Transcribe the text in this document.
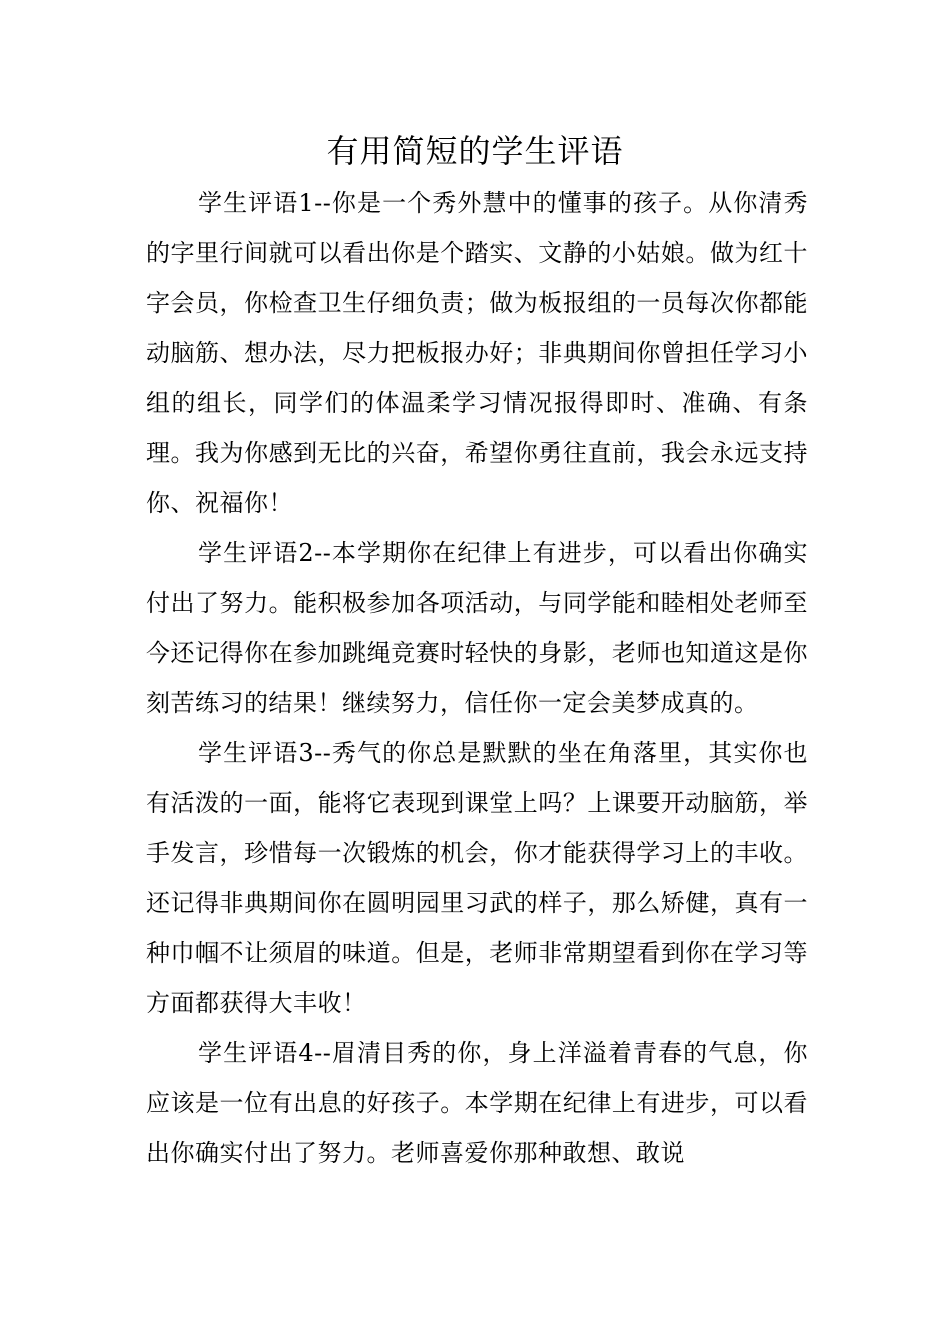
有用简短的学生评语

学生评语1--你是一个秀外慧中的懂事的孩子。从你清秀的字里行间就可以看出你是个踏实、文静的小姑娘。做为红十字会员，你检查卫生仔细负责；做为板报组的一员每次你都能动脑筋、想办法，尽力把板报办好；非典期间你曾担任学习小组的组长，同学们的体温柔学习情况报得即时、准确、有条理。我为你感到无比的兴奋，希望你勇往直前，我会永远支持你、祝福你！

学生评语2--本学期你在纪律上有进步，可以看出你确实付出了努力。能积极参加各项活动，与同学能和睦相处老师至今还记得你在参加跳绳竞赛时轻快的身影，老师也知道这是你刻苦练习的结果！继续努力，信任你一定会美梦成真的。

学生评语3--秀气的你总是默默的坐在角落里，其实你也有活泼的一面，能将它表现到课堂上吗？上课要开动脑筋，举手发言，珍惜每一次锻炼的机会，你才能获得学习上的丰收。还记得非典期间你在圆明园里习武的样子，那么矫健，真有一种巾帼不让须眉的味道。但是，老师非常期望看到你在学习等方面都获得大丰收！

学生评语4--眉清目秀的你，身上洋溢着青春的气息，你应该是一位有出息的好孩子。本学期在纪律上有进步，可以看出你确实付出了努力。老师喜爱你那种敢想、敢说
